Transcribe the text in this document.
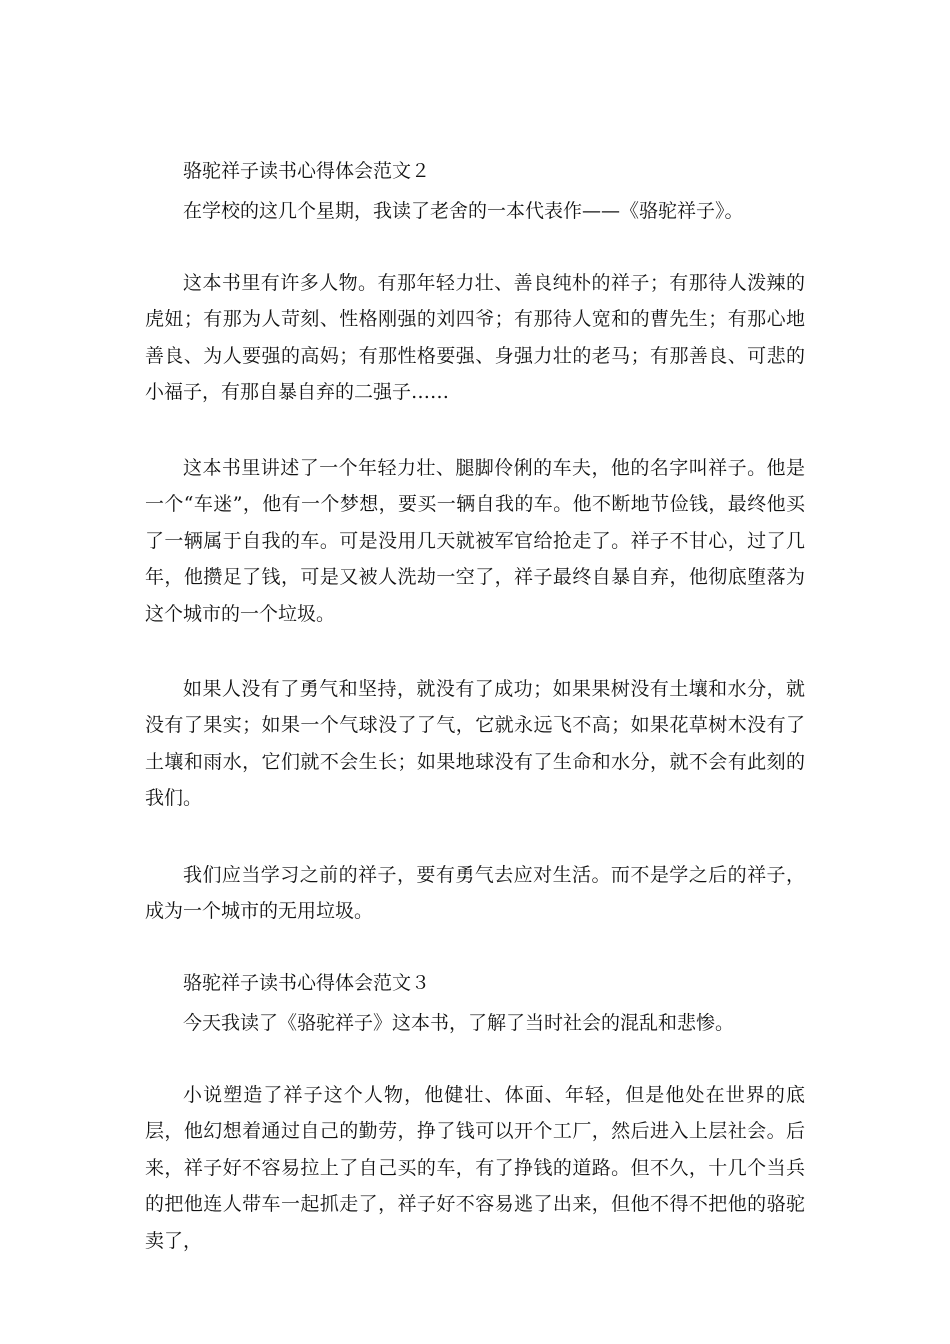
骆驼祥子读书心得体会范文２
在学校的这几个星期，我读了老舍的一本代表作——《骆驼祥子》。

这本书里有许多人物。有那年轻力壮、善良纯朴的祥子；有那待人泼辣的虎妞；有那为人苛刻、性格刚强的刘四爷；有那待人宽和的曹先生；有那心地善良、为人要强的高妈；有那性格要强、身强力壮的老马；有那善良、可悲的小福子，有那自暴自弃的二强子……

这本书里讲述了一个年轻力壮、腿脚伶俐的车夫，他的名字叫祥子。他是一个“车迷”，他有一个梦想，要买一辆自我的车。他不断地节俭钱，最终他买了一辆属于自我的车。可是没用几天就被军官给抢走了。祥子不甘心，过了几年，他攒足了钱，可是又被人洗劫一空了，祥子最终自暴自弃，他彻底堕落为这个城市的一个垃圾。

如果人没有了勇气和坚持，就没有了成功；如果果树没有土壤和水分，就没有了果实；如果一个气球没了了气，它就永远飞不高；如果花草树木没有了土壤和雨水，它们就不会生长；如果地球没有了生命和水分，就不会有此刻的我们。

我们应当学习之前的祥子，要有勇气去应对生活。而不是学之后的祥子，成为一个城市的无用垃圾。

骆驼祥子读书心得体会范文３
今天我读了《骆驼祥子》这本书，了解了当时社会的混乱和悲惨。

小说塑造了祥子这个人物，他健壮、体面、年轻，但是他处在世界的底层，他幻想着通过自己的勤劳，挣了钱可以开个工厂，然后进入上层社会。后来，祥子好不容易拉上了自己买的车，有了挣钱的道路。但不久，十几个当兵的把他连人带车一起抓走了，祥子好不容易逃了出来，但他不得不把他的骆驼卖了，
